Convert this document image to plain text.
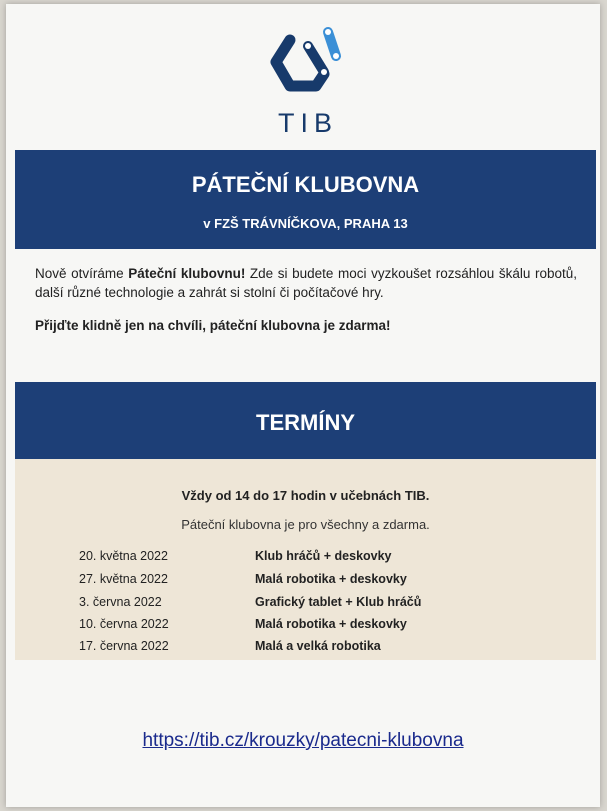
TIB
PÁTEČNÍ KLUBOVNA
v FZŠ TRÁVNÍČKOVA, PRAHA 13
Nově otvíráme Páteční klubovnu! Zde si budete moci vyzkoušet rozsáhlou škálu robotů, další různé technologie a zahrát si stolní či počítačové hry.
Přijďte klidně jen na chvíli, páteční klubovna je zdarma!
TERMÍNY
Vždy od 14 do 17 hodin v učebnách TIB.
Páteční klubovna je pro všechny a zdarma.
20. května 2022	Klub hráčů + deskovky
27. května 2022	Malá robotika + deskovky
3. června 2022	Grafický tablet + Klub hráčů
10. června 2022	Malá robotika + deskovky
17. června 2022	Malá a velká robotika
https://tib.cz/krouzky/patecni-klubovna
